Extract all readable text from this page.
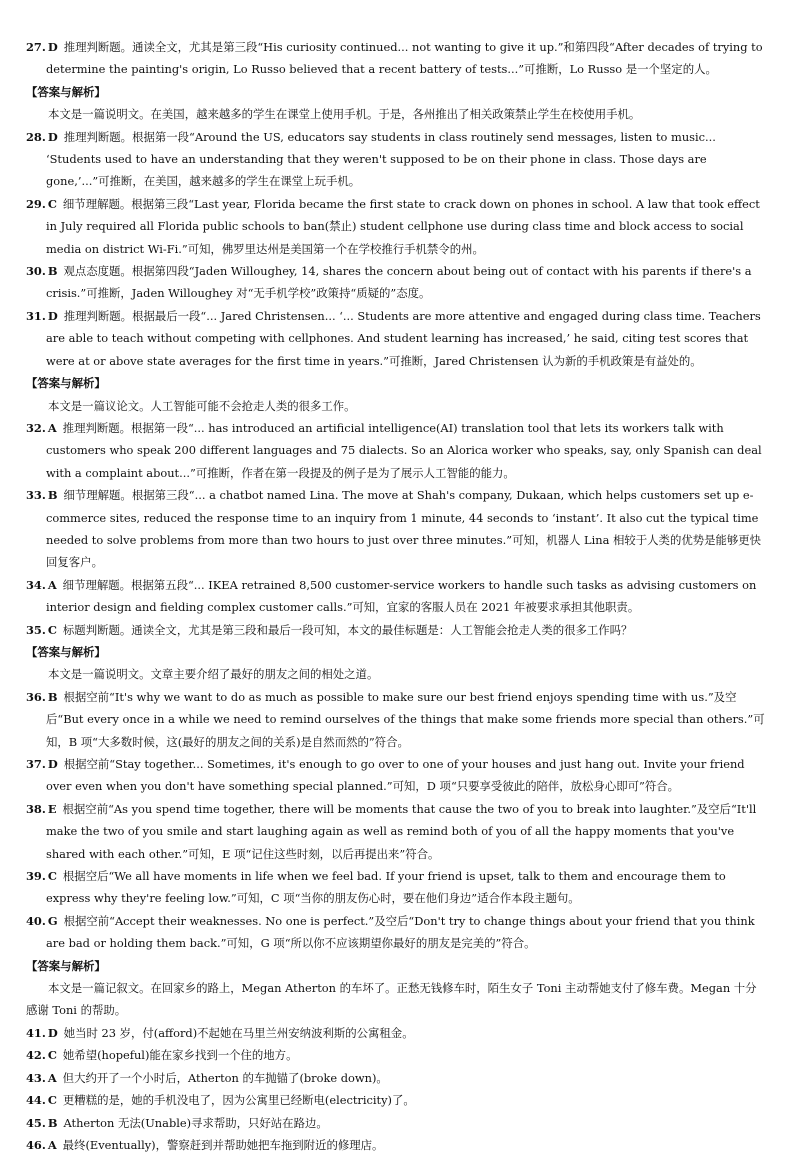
27. D 推理判断题。通读全文，尤其是第三段“His curiosity continued... not wanting to give it up.”和第四段“After decades of trying to determine the painting's origin, Lo Russo believed that a recent battery of tests...”可推断，Lo Russo 是一个坚定的人。

【答案与解析】

本文是一篇说明文。在美国，越来越多的学生在课堂上使用手机。于是，各州推出了相关政策禁止学生在校使用手机。

28. D 推理判断题。根据第一段“Around the US, educators say students in class routinely send messages, listen to music... ‘Students used to have an understanding that they weren't supposed to be on their phone in class. Those days are gone,’...”可推断，在美国，越来越多的学生在课堂上玩手机。

29. C 细节理解题。根据第三段“Last year, Florida became the first state to crack down on phones in school. A law that took effect in July required all Florida public schools to ban(禁止) student cellphone use during class time and block access to social media on district Wi-Fi.”可知，佛罗里达州是美国第一个在学校推行手机禁令的州。

30. B 观点态度题。根据第四段“Jaden Willoughey, 14, shares the concern about being out of contact with his parents if there's a crisis.”可推断，Jaden Willoughey 对“无手机学校”政策持“质疑的”态度。

31. D 推理判断题。根据最后一段“... Jared Christensen... ‘... Students are more attentive and engaged during class time. Teachers are able to teach without competing with cellphones. And student learning has increased,’ he said, citing test scores that were at or above state averages for the first time in years.”可推断，Jared Christensen 认为新的手机政策是有益处的。

【答案与解析】

本文是一篇议论文。人工智能可能不会抢走人类的很多工作。

32. A 推理判断题。根据第一段“... has introduced an artificial intelligence(AI) translation tool that lets its workers talk with customers who speak 200 different languages and 75 dialects. So an Alorica worker who speaks, say, only Spanish can deal with a complaint about...”可推断，作者在第一段提及的例子是为了展示人工智能的能力。

33. B 细节理解题。根据第三段“... a chatbot named Lina. The move at Shah's company, Dukaan, which helps customers set up e-commerce sites, reduced the response time to an inquiry from 1 minute, 44 seconds to ‘instant’. It also cut the typical time needed to solve problems from more than two hours to just over three minutes.”可知，机器人 Lina 相较于人类的优势是能够更快回复客户。

34. A 细节理解题。根据第五段“... IKEA retrained 8,500 customer-service workers to handle such tasks as advising customers on interior design and fielding complex customer calls.”可知，宜家的客服人员在 2021 年被要求承担其他职责。

35. C 标题判断题。通读全文，尤其是第三段和最后一段可知，本文的最佳标题是：人工智能会抢走人类的很多工作吗？

【答案与解析】

本文是一篇说明文。文章主要介绍了最好的朋友之间的相处之道。

36. B 根据空前“It's why we want to do as much as possible to make sure our best friend enjoys spending time with us.”及空后“But every once in a while we need to remind ourselves of the things that make some friends more special than others.”可知，B 项“大多数时候，这(最好的朋友之间的关系)是自然而然的”符合。

37. D 根据空前“Stay together... Sometimes, it's enough to go over to one of your houses and just hang out. Invite your friend over even when you don't have something special planned.”可知，D 项“只要享受彼此的陪伴，放松身心即可”符合。

38. E 根据空前“As you spend time together, there will be moments that cause the two of you to break into laughter.”及空后“It'll make the two of you smile and start laughing again as well as remind both of you of all the happy moments that you've shared with each other.”可知，E 项“记住这些时刻，以后再提出来”符合。

39. C 根据空后“We all have moments in life when we feel bad. If your friend is upset, talk to them and encourage them to express why they're feeling low.”可知，C 项“当你的朋友伤心时，要在他们身边”适合作本段主题句。

40. G 根据空前“Accept their weaknesses. No one is perfect.”及空后“Don't try to change things about your friend that you think are bad or holding them back.”可知，G 项“所以你不应该期望你最好的朋友是完美的”符合。

【答案与解析】

本文是一篇记叙文。在回家乡的路上，Megan Atherton 的车坏了。正愁无钱修车时，陌生女子 Toni 主动帮她支付了修车费。Megan 十分感谢 Toni 的帮助。

41. D 她当时 23 岁，付(afford)不起她在马里兰州安纳波利斯的公寓租金。

42. C 她希望(hopeful)能在家乡找到一个住的地方。

43. A 但大约开了一个小时后，Atherton 的车抛锚了(broke down)。

44. C 更糟糕的是，她的手机没电了，因为公寓里已经断电(electricity)了。

45. B Atherton 无法(Unable)寻求帮助，只好站在路边。

46. A 最终(Eventually)，警察赶到并帮助她把车拖到附近的修理店。
